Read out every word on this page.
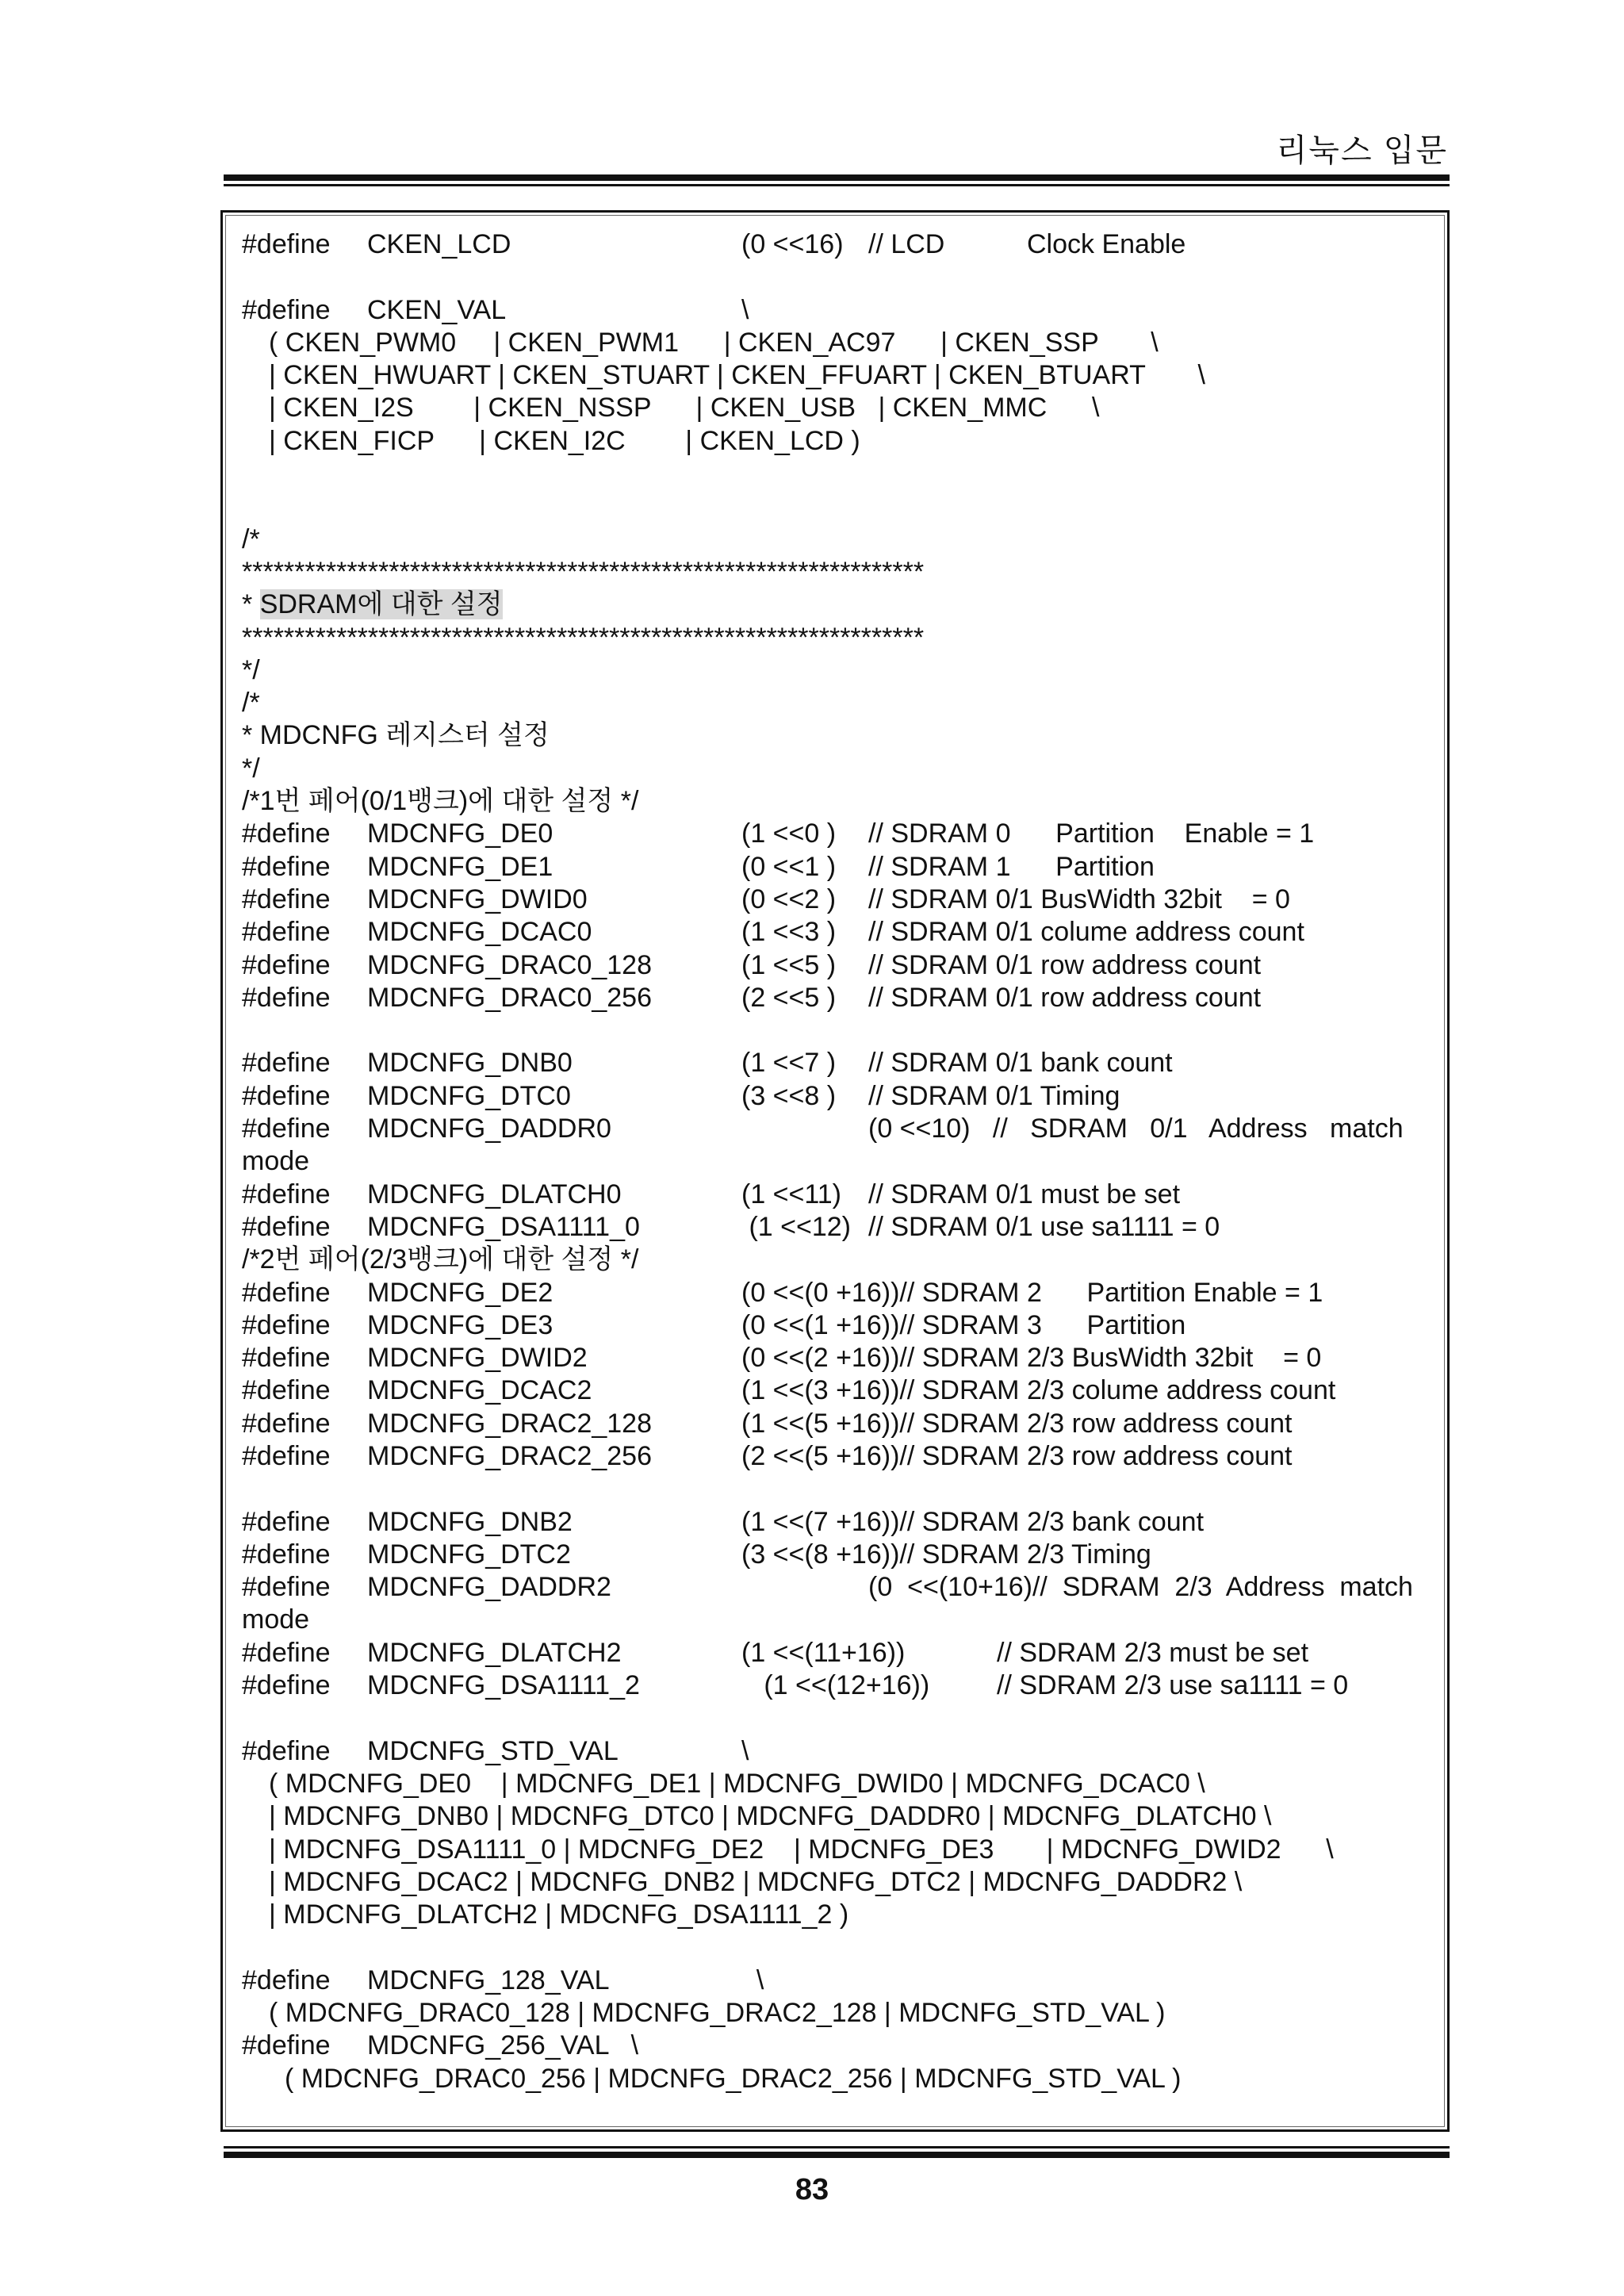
리눅스 입문
#define CKEN_LCD	(0 <<16) // LCD	Clock Enable
#define CKEN_VAL	\
( CKEN_PWM0     | CKEN_PWM1      | CKEN_AC97      | CKEN_SSP       \
| CKEN_HWUART | CKEN_STUART | CKEN_FFUART | CKEN_BTUART       \
| CKEN_I2S        | CKEN_NSSP      | CKEN_USB   | CKEN_MMC      \
| CKEN_FICP      | CKEN_I2C        | CKEN_LCD )
/*
*****************************************************************
* SDRAM에 대한 설정
*****************************************************************
*/
/*
* MDCNFG 레지스터 설정
*/
/*1번 페어(0/1뱅크)에 대한 설정 */
#define MDCNFG_DE0	(1 <<0 ) // SDRAM 0      Partition    Enable = 1
#define MDCNFG_DE1	(0 <<1 ) // SDRAM 1      Partition
#define MDCNFG_DWID0	(0 <<2 ) // SDRAM 0/1 BusWidth 32bit    = 0
#define MDCNFG_DCAC0	(1 <<3 ) // SDRAM 0/1 colume address count
#define MDCNFG_DRAC0_128	(1 <<5 ) // SDRAM 0/1 row address count
#define MDCNFG_DRAC0_256	(2 <<5 ) // SDRAM 0/1 row address count
#define MDCNFG_DNB0	(1 <<7 ) // SDRAM 0/1 bank count
#define MDCNFG_DTC0	(3 <<8 ) // SDRAM 0/1 Timing
#define MDCNFG_DADDR0	(0 <<10)   //   SDRAM   0/1   Address   match
mode
#define MDCNFG_DLATCH0	(1 <<11) // SDRAM 0/1 must be set
#define MDCNFG_DSA1111_0	(1 <<12) // SDRAM 0/1 use sa1111 = 0
/*2번 페어(2/3뱅크)에 대한 설정 */
#define MDCNFG_DE2	(0 <<(0 +16))// SDRAM 2      Partition Enable = 1
#define MDCNFG_DE3	(0 <<(1 +16))// SDRAM 3      Partition
#define MDCNFG_DWID2	(0 <<(2 +16))// SDRAM 2/3 BusWidth 32bit    = 0
#define MDCNFG_DCAC2	(1 <<(3 +16))// SDRAM 2/3 colume address count
#define MDCNFG_DRAC2_128	(1 <<(5 +16))// SDRAM 2/3 row address count
#define MDCNFG_DRAC2_256	(2 <<(5 +16))// SDRAM 2/3 row address count
#define MDCNFG_DNB2	(1 <<(7 +16))// SDRAM 2/3 bank count
#define MDCNFG_DTC2	(3 <<(8 +16))// SDRAM 2/3 Timing
#define MDCNFG_DADDR2	(0  <<(10+16)//  SDRAM  2/3  Address  match
mode
#define MDCNFG_DLATCH2	(1 <<(11+16))	// SDRAM 2/3 must be set
#define MDCNFG_DSA1111_2	(1 <<(12+16)) // SDRAM 2/3 use sa1111 = 0
#define MDCNFG_STD_VAL	\
( MDCNFG_DE0    | MDCNFG_DE1 | MDCNFG_DWID0 | MDCNFG_DCAC0 \
| MDCNFG_DNB0 | MDCNFG_DTC0 | MDCNFG_DADDR0 | MDCNFG_DLATCH0 \
| MDCNFG_DSA1111_0 | MDCNFG_DE2    | MDCNFG_DE3       | MDCNFG_DWID2      \
| MDCNFG_DCAC2 | MDCNFG_DNB2 | MDCNFG_DTC2 | MDCNFG_DADDR2 \
| MDCNFG_DLATCH2 | MDCNFG_DSA1111_2 )
#define MDCNFG_128_VAL	\
( MDCNFG_DRAC0_128 | MDCNFG_DRAC2_128 | MDCNFG_STD_VAL )
#define MDCNFG_256_VAL   \
( MDCNFG_DRAC0_256 | MDCNFG_DRAC2_256 | MDCNFG_STD_VAL )
83
